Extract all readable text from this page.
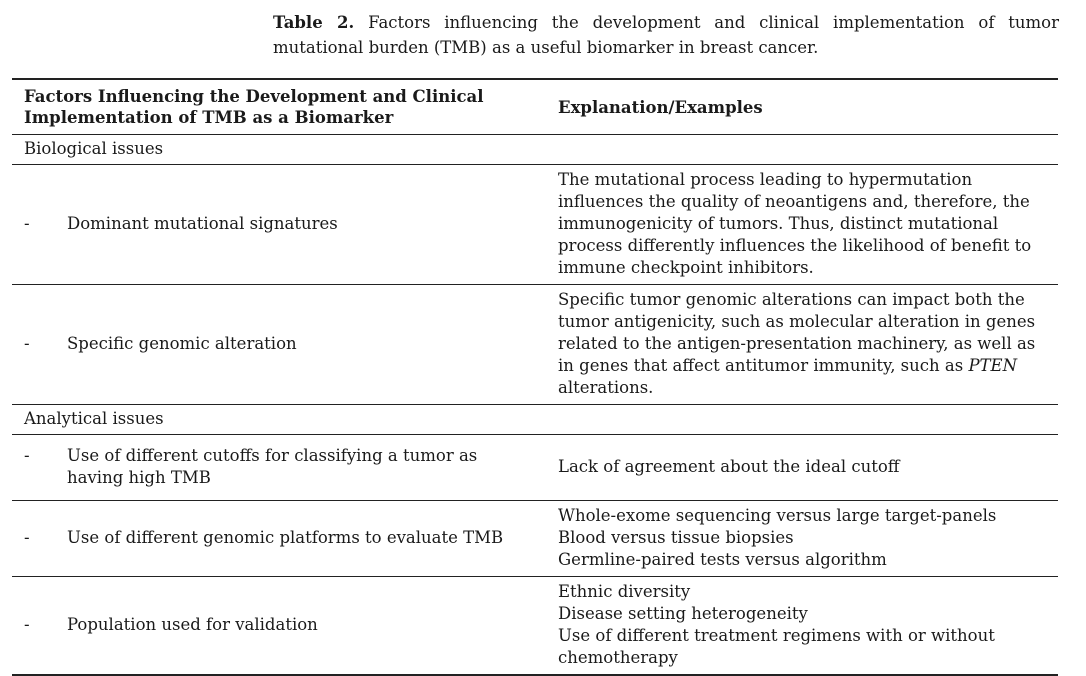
Table 2. Factors influencing the development and clinical implementation of tumor mutational burden (TMB) as a useful biomarker in breast cancer.
Factors Influencing the Development and Clinical Implementation of TMB as a Biomarker	Explanation/Examples
Biological issues	

- Dominant mutational signatures	The mutational process leading to hypermutation influences the quality of neoantigens and, therefore, the immunogenicity of tumors. Thus, distinct mutational process differently influences the likelihood of benefit to immune checkpoint inhibitors.

- Specific genomic alteration	Specific tumor genomic alterations can impact both the tumor antigenicity, such as molecular alteration in genes related to the antigen-presentation machinery, as well as in genes that affect antitumor immunity, such as PTEN alterations.

Analytical issues	

- Use of different cutoffs for classifying a tumor as having high TMB	Lack of agreement about the ideal cutoff

- Use of different genomic platforms to evaluate TMB	Whole-exome sequencing versus large target-panels
Blood versus tissue biopsies
Germline-paired tests versus algorithm

- Population used for validation	Ethnic diversity
Disease setting heterogeneity
Use of different treatment regimens with or without chemotherapy
